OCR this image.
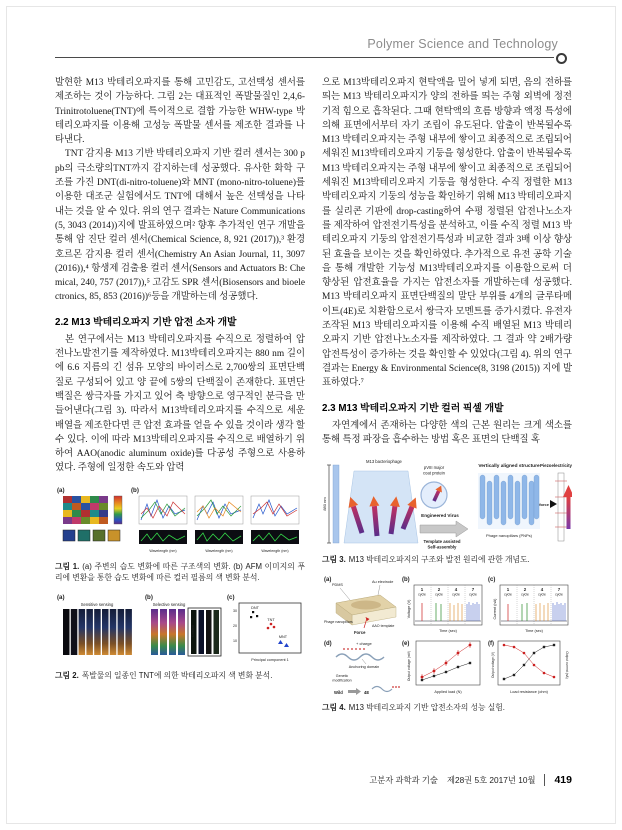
Polymer Science and Technology

발현한 M13 박테리오파지를 통해 고민감도, 고선택성 센서를 제조하는 것이 가능하다. 그림 2는 대표적인 폭발물질인 2,4,6-Trinitrotoluene(TNT)에 특이적으로 결합 가능한 WHW-type 박테리오파지를 이용해 고성능 폭발물 센서를 제조한 결과를 나타낸다.

TNT 감지용 M13 기반 박테리오파지 기반 컬러 센서는 300 ppb의 극소량의TNT까지 감지하는데 성공했다. 유사한 화학 구조를 가진 DNT(di-nitro-toluene)와 MNT (mono-nitro-toluene)를 이용한 대조군 실험에서도 TNT에 대해서 높은 선택성을 나타내는 것을 알 수 있다. 위의 연구 결과는 Nature Communications(5, 3043 (2014))지에 발표하였으며² 향후 추가적인 연구 개발을 통해 암 진단 컬러 센서(Chemical Science, 8, 921 (2017)),³ 환경호르몬 감지용 컬러 센서(Chemistry An Asian Journal, 11, 3097 (2016)),⁴ 항생제 검출용 컬러 센서(Sensors and Actuators B: Chemical, 240, 757 (2017)),⁵ 고감도 SPR 센서(Biosensors and bioelectronics, 85, 853 (2016))⁶등을 개발하는데 성공했다.

2.2 M13 박테리오파지 기반 압전 소자 개발

본 연구에서는 M13 박테리오파지를 수직으로 정렬하여 압전나노발전기를 제작하였다. M13박테리오파지는 880 nm 길이에 6.6 지름의 긴 섬유 모양의 바이러스로 2,700쌍의 표면단백질로 구성되어 있고 양 끝에 5쌍의 단백질이 존재한다. 표면단백질은 쌍극자를 가지고 있어 축 방향으로 영구적인 분극을 만들어낸다(그림 3). 따라서 M13박테리오파지를 수직으로 세운 배열을 제조한다면 큰 압전 효과를 얻을 수 있을 것이라 생각 할 수 있다. 이에 따라 M13박테리오파지를 수직으로 배열하기 위하여 AAO(anodic aluminum oxide)를 다공성 주형으로 사용하였다. 주형에 일정한 속도와 압력

(a)	(b)
Wavelength (nm)	Wavelength (nm)	Wavelength (nm)
그림 1. (a) 주변의 습도 변화에 따른 구조색의 변화. (b) AFM 이미지의 푸리에 변환을 통한 습도 변화에 따른 컬러 필름의 색 변화 분석.
(a)
Sensitive sensing
(b)
Selective sensing
Control
(c)
30
20
10
DNT
TNT
MNT
Principal component 1
그림 2. 폭발물의 일종인 TNT에 의한 박테리오파지 색 변화 분석.

으로 M13박테리오파지 현탁액을 밀어 넣게 되면, 음의 전하를 띄는 M13 박테리오파지가 양의 전하를 띄는 주형 외벽에 정전기적 힘으로 흡착된다. 그때 현탁액의 흐름 방향과 액정 특성에 의해 표면에서부터 자기 조립이 유도된다. 압출이 반복될수록 M13 박테리오파지는 주형 내부에 쌓이고 최종적으로 조립되어 세워진 M13박테리오파지 기둥을 형성한다. 압출이 반복될수록 M13 박테리오파지는 주형 내부에 쌓이고 최종적으로 조립되어 세워진 M13박테리오파지 기둥을 형성한다. 수직 정렬한 M13 박테리오파지 기둥의 성능을 확인하기 위해 M13 박테리오파지를 실리콘 기판에 drop-casting하여 수평 정렬된 압전나노소자를 제작하여 압전전기특성을 분석하고, 이를 수직 정렬 M13 박테리오파지 기둥의 압전전기특성과 비교한 결과 3배 이상 향상된 효율을 보이는 것을 확인하였다. 추가적으로 유전 공학 기술을 통해 개발한 기능성 M13박테리오파지를 이용함으로써 더 향상된 압전효율을 가지는 압전소자를 개발하는데 성공했다. M13 박테리오파지 표면단백질의 말단 부위를 4개의 글루타메이트(4E)로 치환함으로서 쌍극자 모멘트를 증가시켰다. 유전자 조작된 M13 박테리오파지를 이용해 수직 배열된 M13 박테리오파지 기반 압전나노소자를 제작하였다. 그 결과 약 2배가량 압전특성이 증가하는 것을 확인할 수 있었다(그림 4). 위의 연구 결과는 Energy & Environmental Science(8, 3198 (2015)) 지에 발표하였다.⁷

2.3 M13 박테리오파지 기반 컬러 픽셀 개발

자연계에서 존재하는 다양한 색의 근본 원리는 크게 색소를 통해 특정 파장을 흡수하는 방법 혹은 표면의 단백질 혹

880 nm
M13 bacteriophage
pVIII major
coat protein
Engineered Virus
Template assisted
Self-assembly
Vertically aligned structure
Phage nanopillars (PNPs)
Piezoelectricity
force
그림 3. M13 박테리오파지의 구조와 발전 원리에 관한 개념도.
(a)
PDMS
Au electrode
Phage nanopillars
AAO template
Force
(b)
Voltage (V)
1
cycle
2
cycle
4
cycle
7
cycle
Time (sec)
(c)
Current (nA)
1
cycle
2
cycle
4
cycle
7
cycle
Time (sec)
(d)	+ charge
Anchoring domain
Genetic
modification
Wild	4E
(e)
Output voltage (mV)
Applied load (N)
(f)
Output voltage (V)	Output current (nA)
Load resistance (ohm)
그림 4. M13 박테리오파지 기반 압전소자의 성능 실험.
고분자 과학과 기술 제28권 5호 2017년 10월	419
